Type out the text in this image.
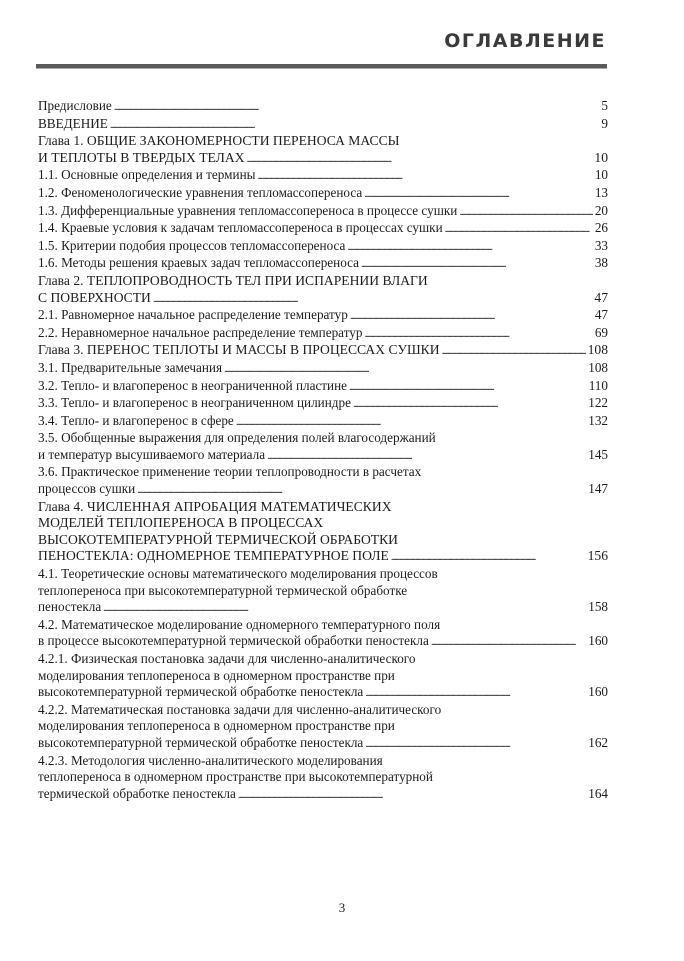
ОГЛАВЛЕНИЕ
Предисловие . . .	5
ВВЕДЕНИЕ . . .	9
Глава 1. ОБЩИЕ ЗАКОНОМЕРНОСТИ ПЕРЕНОСА МАССЫ
И ТЕПЛОТЫ В ТВЕРДЫХ ТЕЛАХ . . .	10
1.1. Основные определения и термины . . .	10
1.2. Феноменологические уравнения тепломассопереноса . . .	13
1.3. Дифференциальные уравнения тепломассопереноса в процессе сушки . . .	20
1.4. Краевые условия к задачам тепломассопереноса в процессах сушки . . .	26
1.5. Критерии подобия процессов тепломассопереноса . . .	33
1.6. Методы решения краевых задач тепломассопереноса . . .	38
Глава 2. ТЕПЛОПРОВОДНОСТЬ ТЕЛ ПРИ ИСПАРЕНИИ ВЛАГИ
С ПОВЕРХНОСТИ . . .	47
2.1. Равномерное начальное распределение температур . . .	47
2.2. Неравномерное начальное распределение температур . . .	69
Глава 3. ПЕРЕНОС ТЕПЛОТЫ И МАССЫ В ПРОЦЕССАХ СУШКИ . . .	108
3.1. Предварительные замечания . . .	108
3.2. Тепло- и влагоперенос в неограниченной пластине . . .	110
3.3. Тепло- и влагоперенос в неограниченном цилиндре . . .	122
3.4. Тепло- и влагоперенос в сфере . . .	132
3.5. Обобщенные выражения для определения полей влагосодержаний
и температур высушиваемого материала . . .	145
3.6. Практическое применение теории теплопроводности в расчетах
процессов сушки . . .	147
Глава 4. ЧИСЛЕННАЯ АПРОБАЦИЯ МАТЕМАТИЧЕСКИХ
МОДЕЛЕЙ ТЕПЛОПЕРЕНОСА В ПРОЦЕССАХ
ВЫСОКОТЕМПЕРАТУРНОЙ ТЕРМИЧЕСКОЙ ОБРАБОТКИ
ПЕНОСТЕКЛА: ОДНОМЕРНОЕ ТЕМПЕРАТУРНОЕ ПОЛЕ . . .	156
4.1. Теоретические основы математического моделирования процессов
теплопереноса при высокотемпературной термической обработке
пеностекла . . .	158
4.2. Математическое моделирование одномерного температурного поля
в процессе высокотемпературной термической обработки пеностекла . . .	160
4.2.1. Физическая постановка задачи для численно-аналитического
моделирования теплопереноса в одномерном пространстве при
высокотемпературной термической обработке пеностекла . . .	160
4.2.2. Математическая постановка задачи для численно-аналитического
моделирования теплопереноса в одномерном пространстве при
высокотемпературной термической обработке пеностекла . . .	162
4.2.3. Методология численно-аналитического моделирования
теплопереноса в одномерном пространстве при высокотемпературной
термической обработке пеностекла . . .	164
3
